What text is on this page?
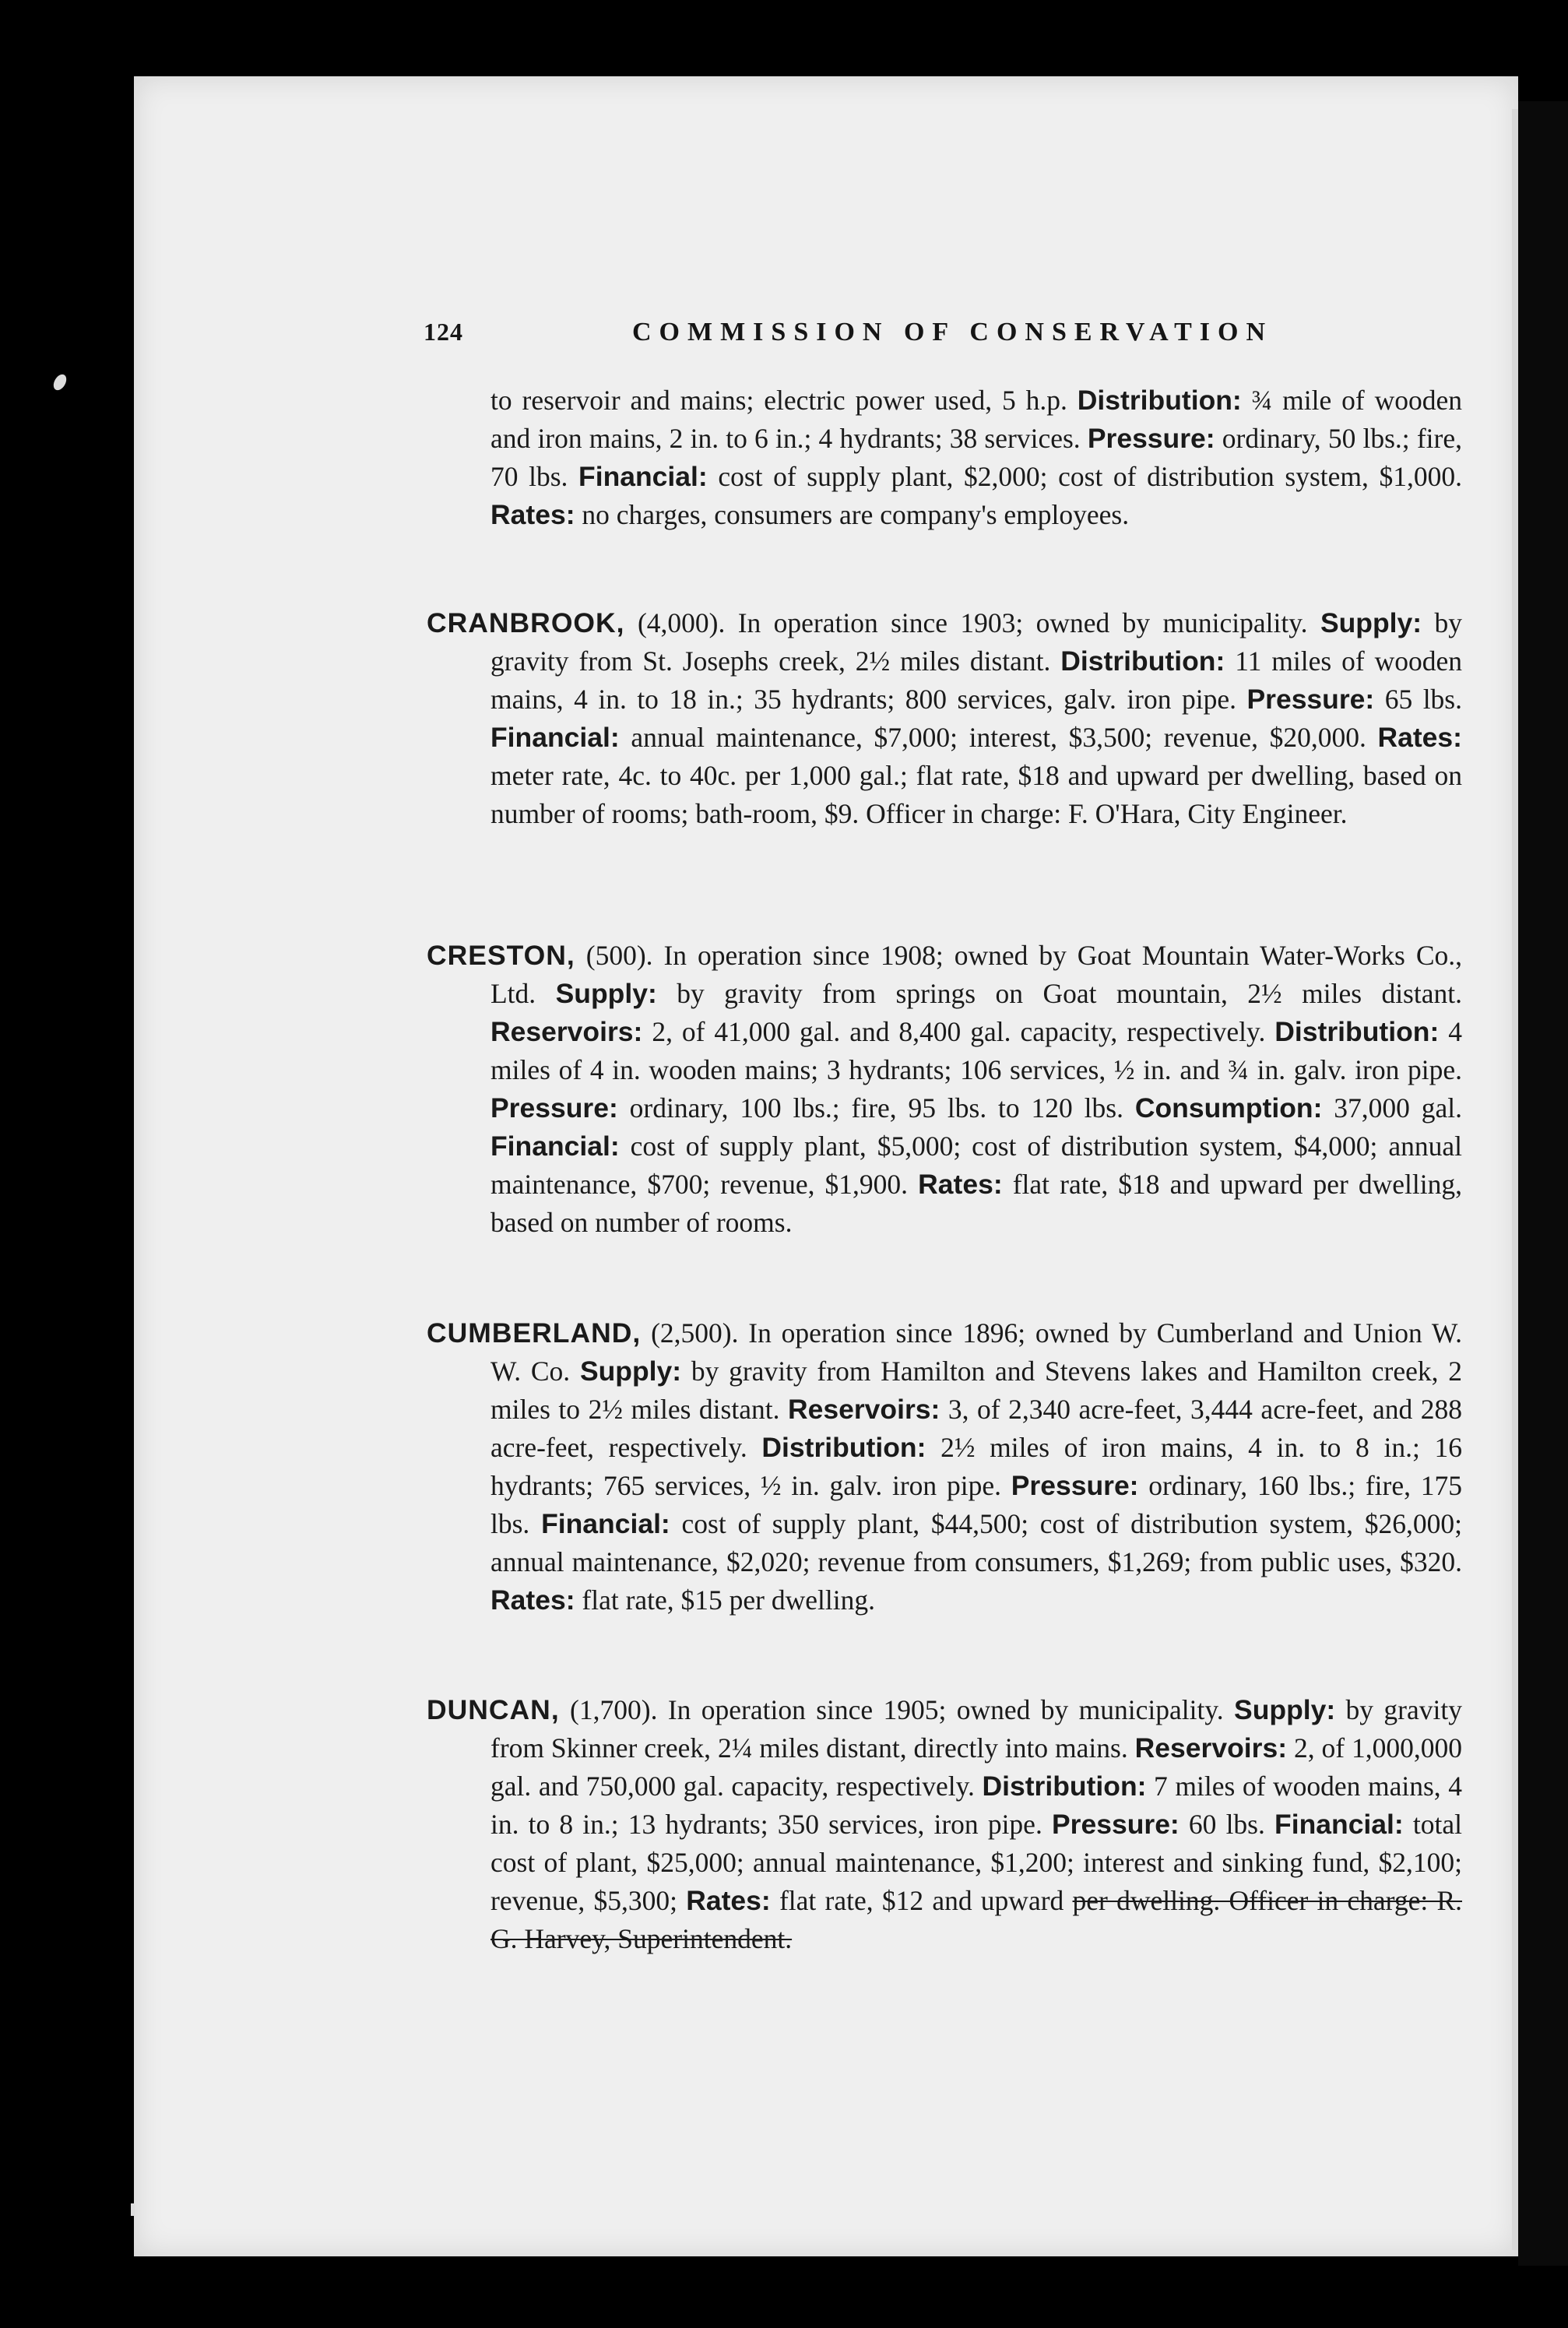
124	COMMISSION OF CONSERVATION

to reservoir and mains; electric power used, 5 h.p. Distribution: ¾ mile of wooden and iron mains, 2 in. to 6 in.; 4 hydrants; 38 services. Pressure: ordinary, 50 lbs.; fire, 70 lbs. Financial: cost of supply plant, $2,000; cost of distribution system, $1,000. Rates: no charges, consumers are company's employees.

CRANBROOK, (4,000). In operation since 1903; owned by municipality. Supply: by gravity from St. Josephs creek, 2½ miles distant. Distribution: 11 miles of wooden mains, 4 in. to 18 in.; 35 hydrants; 800 services, galv. iron pipe. Pressure: 65 lbs. Financial: annual maintenance, $7,000; interest, $3,500; revenue, $20,000. Rates: meter rate, 4c. to 40c. per 1,000 gal.; flat rate, $18 and upward per dwelling, based on number of rooms; bath-room, $9. Officer in charge: F. O'Hara, City Engineer.

CRESTON, (500). In operation since 1908; owned by Goat Mountain Water-Works Co., Ltd. Supply: by gravity from springs on Goat mountain, 2½ miles distant. Reservoirs: 2, of 41,000 gal. and 8,400 gal. capacity, respectively. Distribution: 4 miles of 4 in. wooden mains; 3 hydrants; 106 services, ½ in. and ¾ in. galv. iron pipe. Pressure: ordinary, 100 lbs.; fire, 95 lbs. to 120 lbs. Consumption: 37,000 gal. Financial: cost of supply plant, $5,000; cost of distribution system, $4,000; annual maintenance, $700; revenue, $1,900. Rates: flat rate, $18 and upward per dwelling, based on number of rooms.

CUMBERLAND, (2,500). In operation since 1896; owned by Cumberland and Union W. W. Co. Supply: by gravity from Hamilton and Stevens lakes and Hamilton creek, 2 miles to 2½ miles distant. Reservoirs: 3, of 2,340 acre-feet, 3,444 acre-feet, and 288 acre-feet, respectively. Distribution: 2½ miles of iron mains, 4 in. to 8 in.; 16 hydrants; 765 services, ½ in. galv. iron pipe. Pressure: ordinary, 160 lbs.; fire, 175 lbs. Financial: cost of supply plant, $44,500; cost of distribution system, $26,000; annual maintenance, $2,020; revenue from consumers, $1,269; from public uses, $320. Rates: flat rate, $15 per dwelling.

DUNCAN, (1,700). In operation since 1905; owned by municipality. Supply: by gravity from Skinner creek, 2¼ miles distant, directly into mains. Reservoirs: 2, of 1,000,000 gal. and 750,000 gal. capacity, respectively. Distribution: 7 miles of wooden mains, 4 in. to 8 in.; 13 hydrants; 350 services, iron pipe. Pressure: 60 lbs. Financial: total cost of plant, $25,000; annual maintenance, $1,200; interest and sinking fund, $2,100; revenue, $5,300; Rates: flat rate, $12 and upward per dwelling. Officer in charge: R. G. Harvey, Superintendent.
